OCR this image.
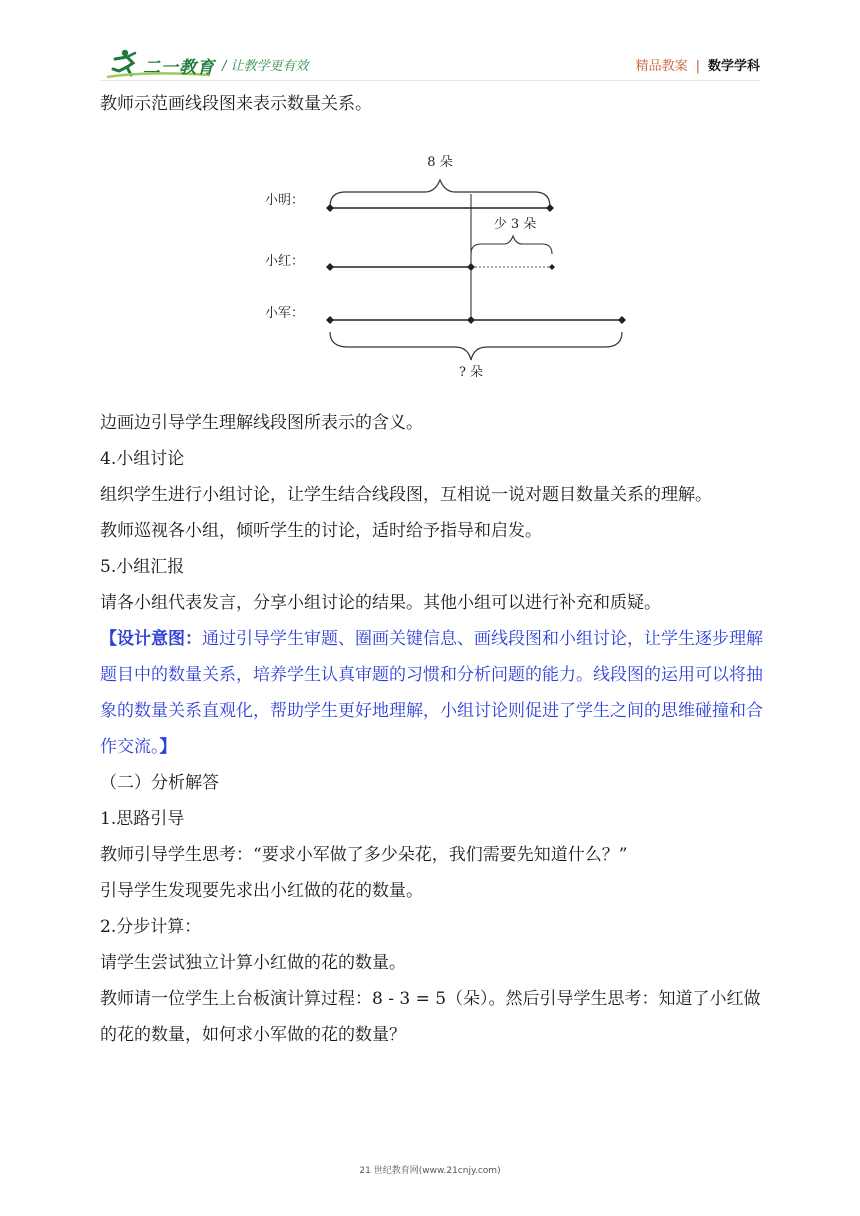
二一教育 / 让教学更有效	精品教案 | 数学学科

教师示范画线段图来表示数量关系。

8 朵
小明：
小红：
小军：
少 3 朵
? 朵

边画边引导学生理解线段图所表示的含义。

4.小组讨论

组织学生进行小组讨论，让学生结合线段图，互相说一说对题目数量关系的理解。

教师巡视各小组，倾听学生的讨论，适时给予指导和启发。

5.小组汇报

请各小组代表发言，分享小组讨论的结果。其他小组可以进行补充和质疑。

【设计意图：通过引导学生审题、圈画关键信息、画线段图和小组讨论，让学生逐步理解题目中的数量关系，培养学生认真审题的习惯和分析问题的能力。线段图的运用可以将抽象的数量关系直观化，帮助学生更好地理解，小组讨论则促进了学生之间的思维碰撞和合作交流。】

（二）分析解答

1.思路引导

教师引导学生思考：“要求小军做了多少朵花，我们需要先知道什么？”

引导学生发现要先求出小红做的花的数量。

2.分步计算：

请学生尝试独立计算小红做的花的数量。

教师请一位学生上台板演计算过程：8 - 3 = 5（朵）。然后引导学生思考：知道了小红做的花的数量，如何求小军做的花的数量？

21 世纪教育网(www.21cnjy.com)
